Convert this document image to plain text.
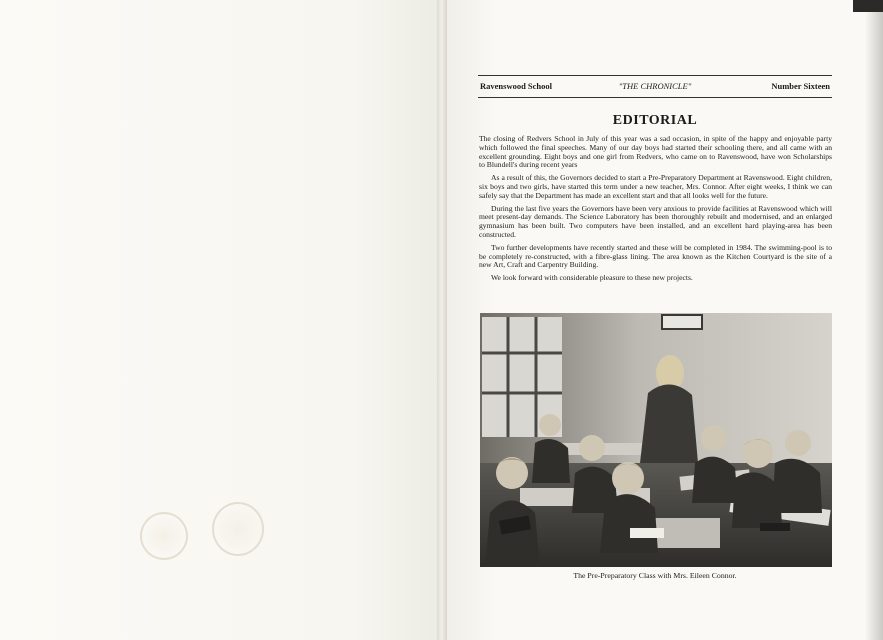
Ravenswood School	"THE CHRONICLE"	Number Sixteen
EDITORIAL

The closing of Redvers School in July of this year was a sad occasion, in spite of the happy and enjoyable party which followed the final speeches. Many of our day boys had started their schooling there, and all came with an excellent grounding. Eight boys and one girl from Redvers, who came on to Ravenswood, have won Scholarships to Blundell's during recent years

As a result of this, the Governors decided to start a Pre-Preparatory Department at Ravenswood. Eight children, six boys and two girls, have started this term under a new teacher, Mrs. Connor. After eight weeks, I think we can safely say that the Department has made an excellent start and that all looks well for the future.

During the last five years the Governors have been very anxious to provide facilities at Ravenswood which will meet present-day demands. The Science Laboratory has been thoroughly rebuilt and modernised, and an enlarged gymnasium has been built. Two computers have been installed, and an excellent hard playing-area has been constructed.

Two further developments have recently started and these will be completed in 1984. The swimming-pool is to be completely re-constructed, with a fibre-glass lining. The area known as the Kitchen Courtyard is the site of a new Art, Craft and Carpentry Building.

We look forward with considerable pleasure to these new projects.

The Pre-Preparatory Class with Mrs. Eileen Connor.
